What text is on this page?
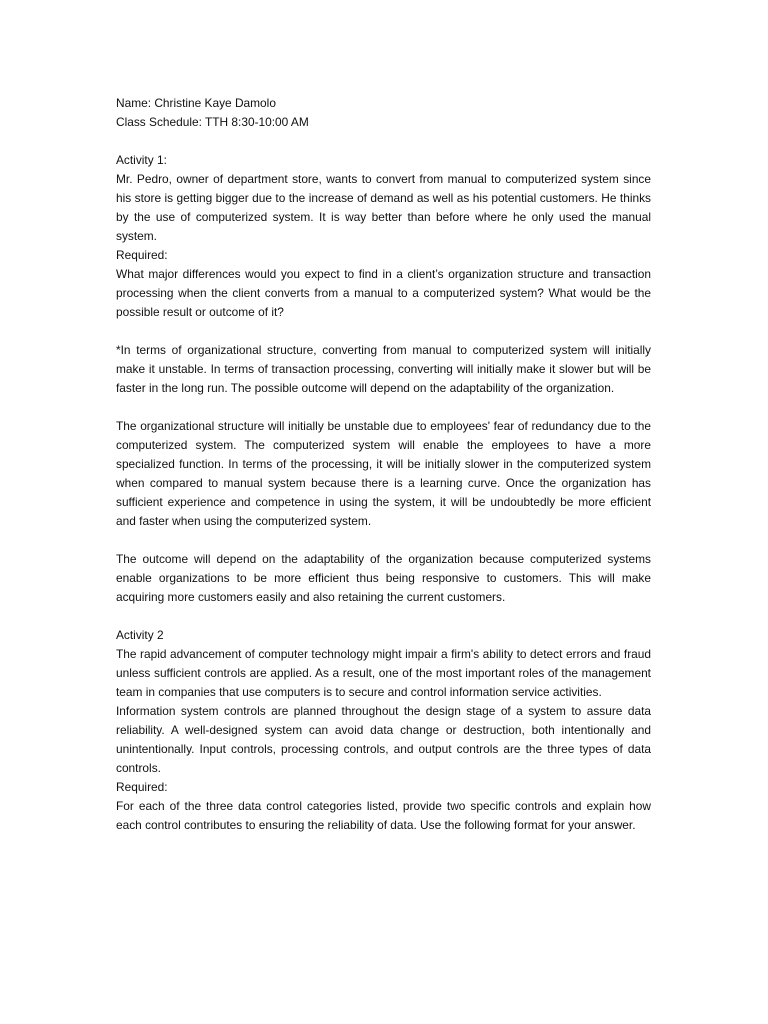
Name: Christine Kaye Damolo
Class Schedule: TTH 8:30-10:00 AM
Activity 1:
Mr. Pedro, owner of department store, wants to convert from manual to computerized system since his store is getting bigger due to the increase of demand as well as his potential customers. He thinks by the use of computerized system. It is way better than before where he only used the manual system.
Required:
What major differences would you expect to find in a client’s organization structure and transaction processing when the client converts from a manual to a computerized system? What would be the possible result or outcome of it?
*In terms of organizational structure, converting from manual to computerized system will initially make it unstable. In terms of transaction processing, converting will initially make it slower but will be faster in the long run. The possible outcome will depend on the adaptability of the organization.
The organizational structure will initially be unstable due to employees' fear of redundancy due to the computerized system. The computerized system will enable the employees to have a more specialized function. In terms of the processing, it will be initially slower in the computerized system when compared to manual system because there is a learning curve. Once the organization has sufficient experience and competence in using the system, it will be undoubtedly be more efficient and faster when using the computerized system.
The outcome will depend on the adaptability of the organization because computerized systems enable organizations to be more efficient thus being responsive to customers. This will make acquiring more customers easily and also retaining the current customers.
Activity 2
The rapid advancement of computer technology might impair a firm's ability to detect errors and fraud unless sufficient controls are applied. As a result, one of the most important roles of the management team in companies that use computers is to secure and control information service activities.
Information system controls are planned throughout the design stage of a system to assure data reliability. A well-designed system can avoid data change or destruction, both intentionally and unintentionally. Input controls, processing controls, and output controls are the three types of data controls.
Required:
For each of the three data control categories listed, provide two specific controls and explain how each control contributes to ensuring the reliability of data. Use the following format for your answer.
